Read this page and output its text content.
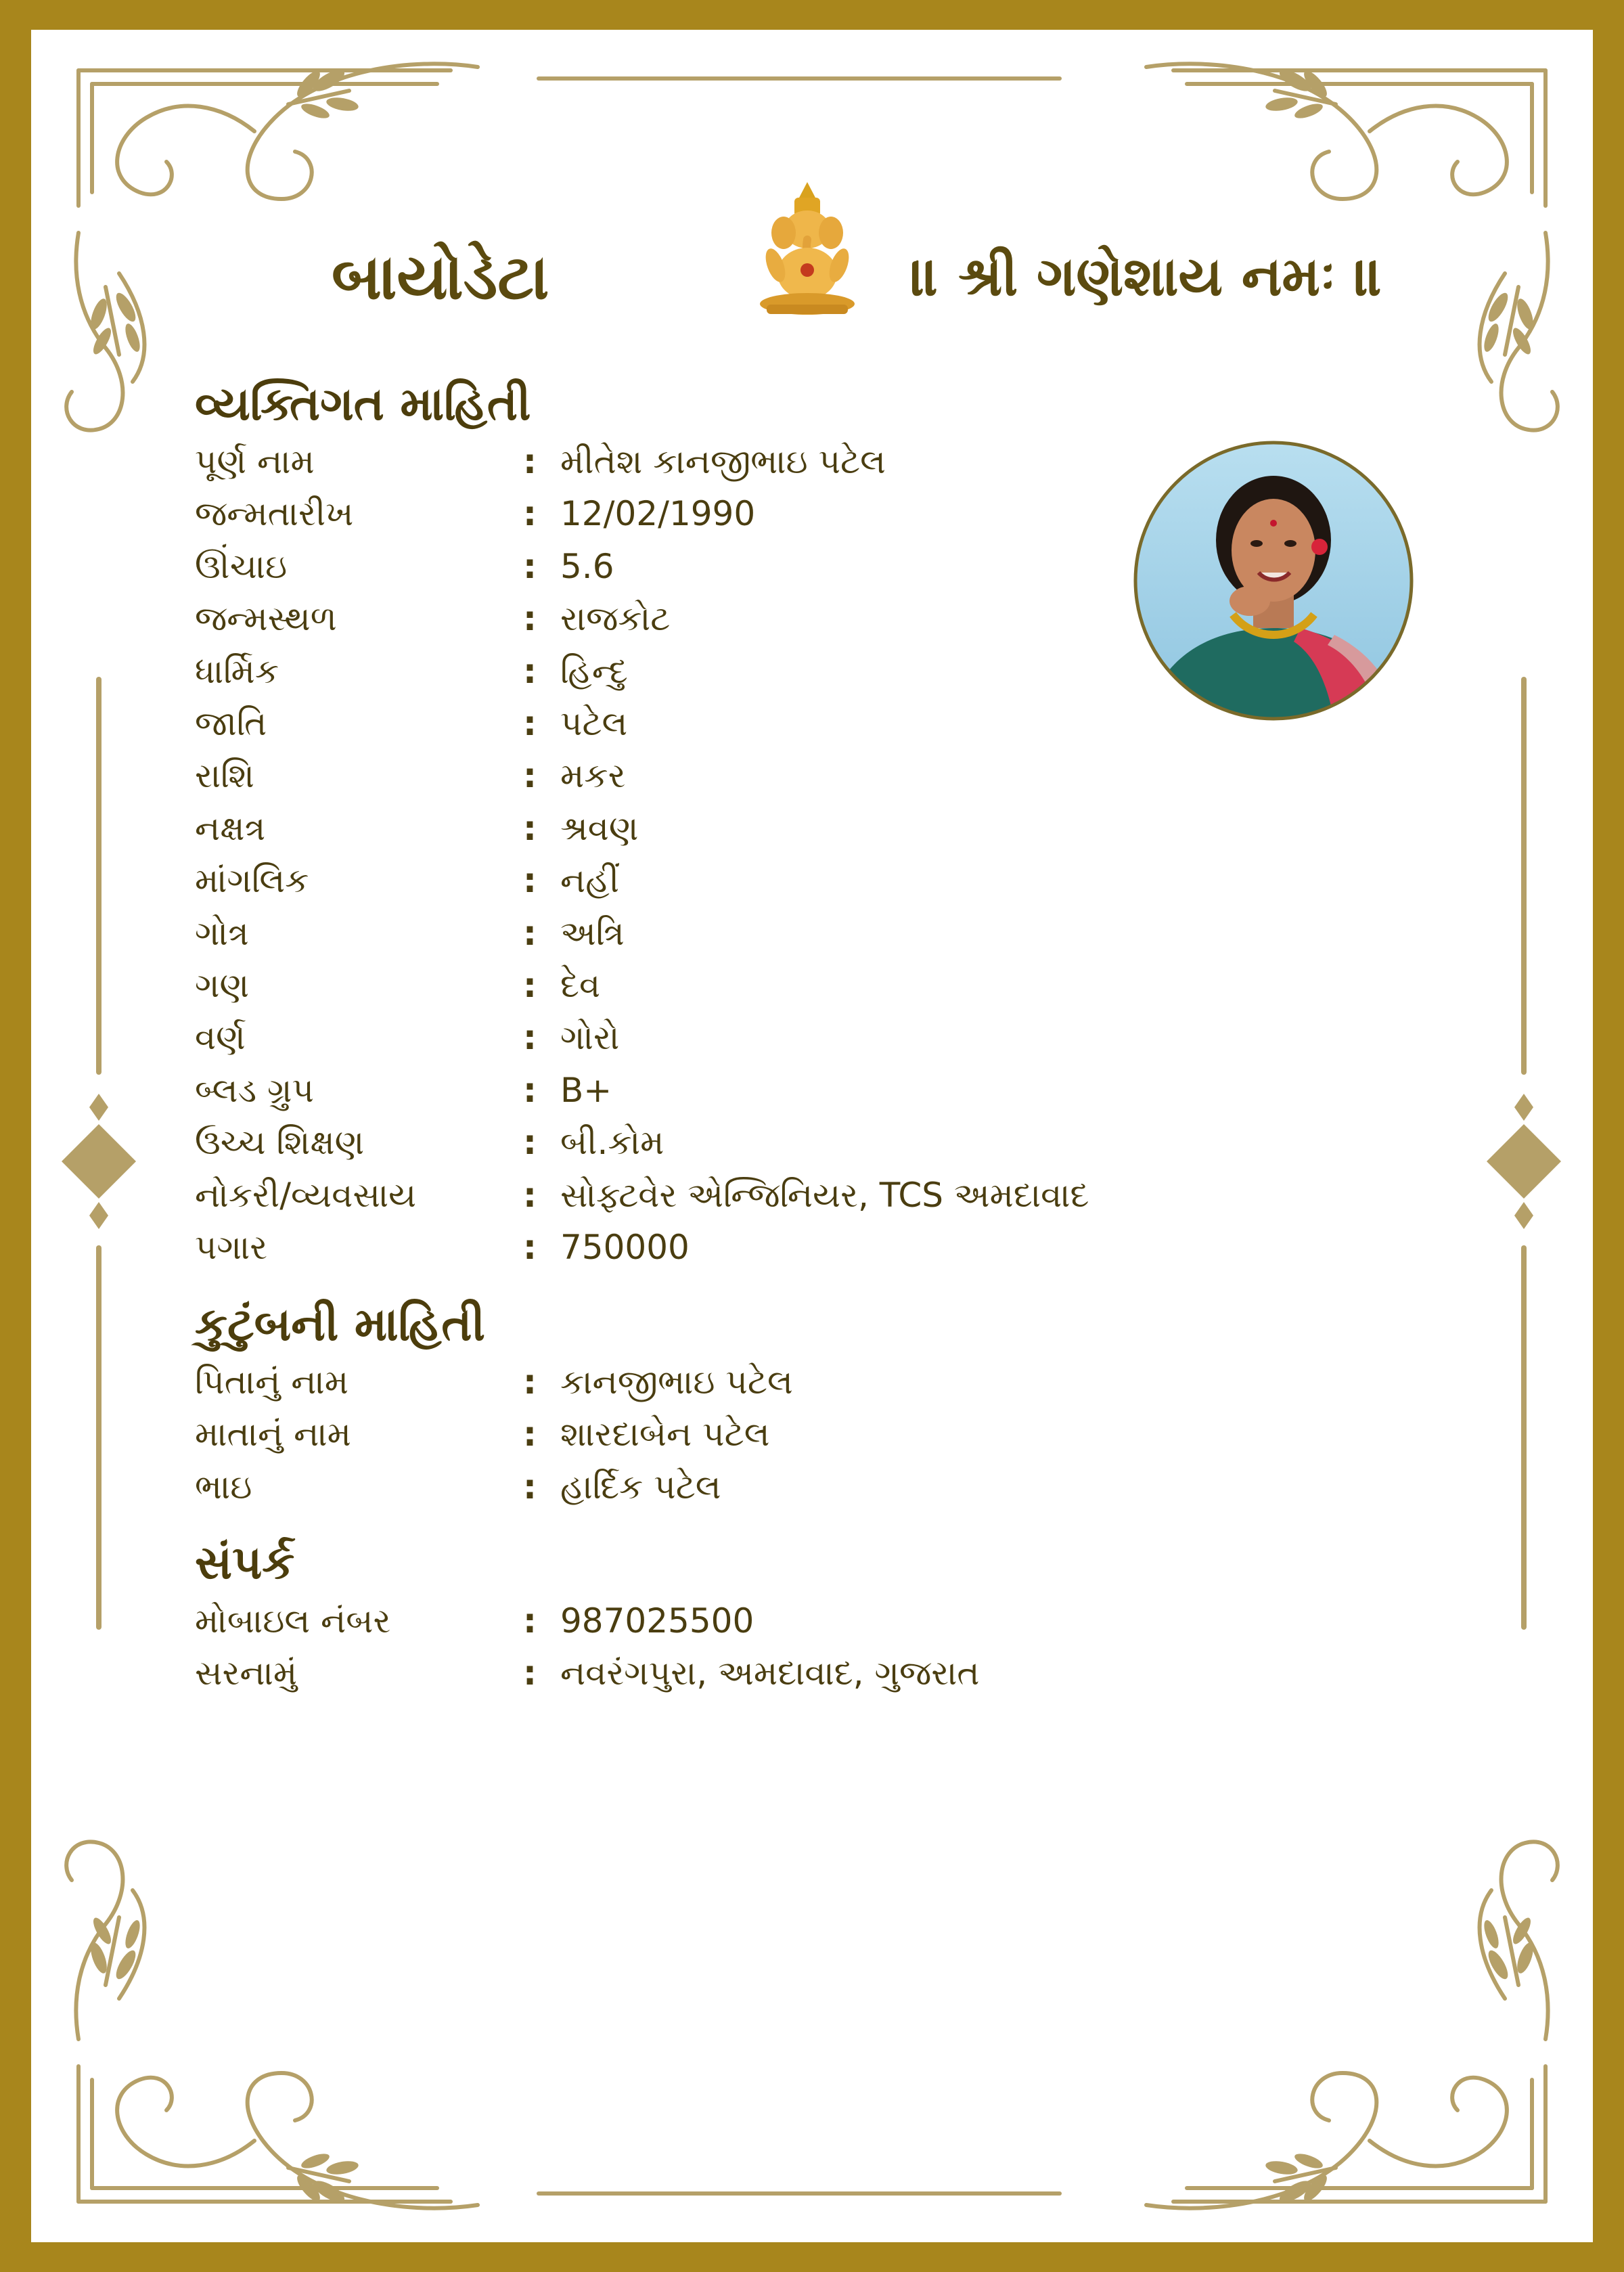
બાયોડેટા	॥ શ્રી ગણેશાય નમઃ ॥
વ્યક્તિગત માહિતી
પૂર્ણ નામ	: મીતેશ કાનજીભાઇ પટેલ
જન્મતારીખ	: 12/02/1990
ઊંચાઇ	: 5.6
જન્મસ્થળ	: રાજકોટ
ધાર્મિક	: હિન્દુ
જાતિ	: પટેલ
રાશિ	: મકર
નક્ષત્ર	: શ્રવણ
માંગલિક	: નહીં
ગોત્ર	: અત્રિ
ગણ	: દેવ
વર્ણ	: ગોરો
બ્લડ ગ્રુપ	: B+
ઉચ્ચ શિક્ષણ	: બી.કોમ
નોકરી/વ્યવસાય	: સોફ્ટવેર એન્જિનિયર, TCS અમદાવાદ
પગાર	: 750000
કુટુંબની માહિતી
પિતાનું નામ	: કાનજીભાઇ પટેલ
માતાનું નામ	: શારદાબેન પટેલ
ભાઇ	: હાર્દિક પટેલ
સંપર્ક
મોબાઇલ નંબર	: 987025500
સરનામું	: નવરંગપુરા, અમદાવાદ, ગુજરાત
